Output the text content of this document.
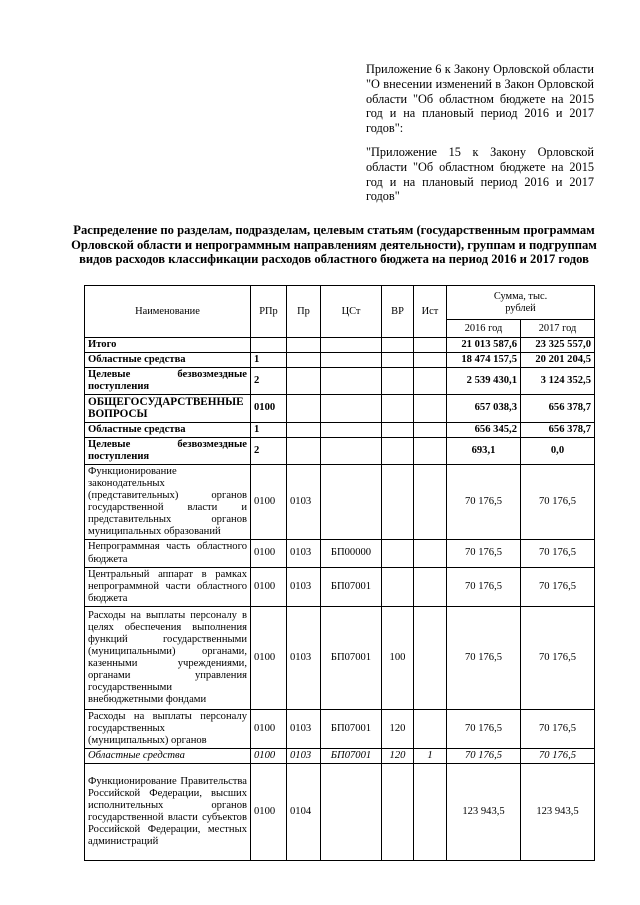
Приложение 6 к Закону Орловской области "О внесении изменений в Закон Орловской области "Об областном бюджете на 2015 год и на плановый период 2016 и 2017 годов":

"Приложение 15 к Закону Орловской области "Об областном бюджете на 2015 год и на плановый период 2016 и 2017 годов"

Распределение по разделам, подразделам, целевым статьям (государственным программам Орловской области и непрограммным направлениям деятельности), группам и подгруппам видов расходов классификации расходов областного бюджета на период 2016 и 2017 годов
Наименование	РПр	Пр	ЦСт	ВР	Ист	Сумма, тыс. рублей	
						2016 год	2017 год
Итого						21 013 587,6	23 325 557,0
Областные средства	1					18 474 157,5	20 201 204,5
Целевые безвозмездные поступления	2					2 539 430,1	3 124 352,5
ОБЩЕГОСУДАРСТВЕННЫЕ ВОПРОСЫ	0100					657 038,3	656 378,7
Областные средства	1					656 345,2	656 378,7
Целевые безвозмездные поступления	2					693,1	0,0
Функционирование законодательных (представительных) органов государственной власти и представительных органов муниципальных образований	0100	0103				70 176,5	70 176,5
Непрограммная часть областного бюджета	0100	0103	БП00000			70 176,5	70 176,5
Центральный аппарат в рамках непрограммной части областного бюджета	0100	0103	БП07001			70 176,5	70 176,5
Расходы на выплаты персоналу в целях обеспечения выполнения функций государственными (муниципальными) органами, казенными учреждениями, органами управления государственными внебюджетными фондами	0100	0103	БП07001	100		70 176,5	70 176,5
Расходы на выплаты персоналу государственных (муниципальных) органов	0100	0103	БП07001	120		70 176,5	70 176,5
Областные средства	0100	0103	БП07001	120	1	70 176,5	70 176,5
Функционирование Правительства Российской Федерации, высших исполнительных органов государственной власти субъектов Российской Федерации, местных администраций	0100	0104				123 943,5	123 943,5
